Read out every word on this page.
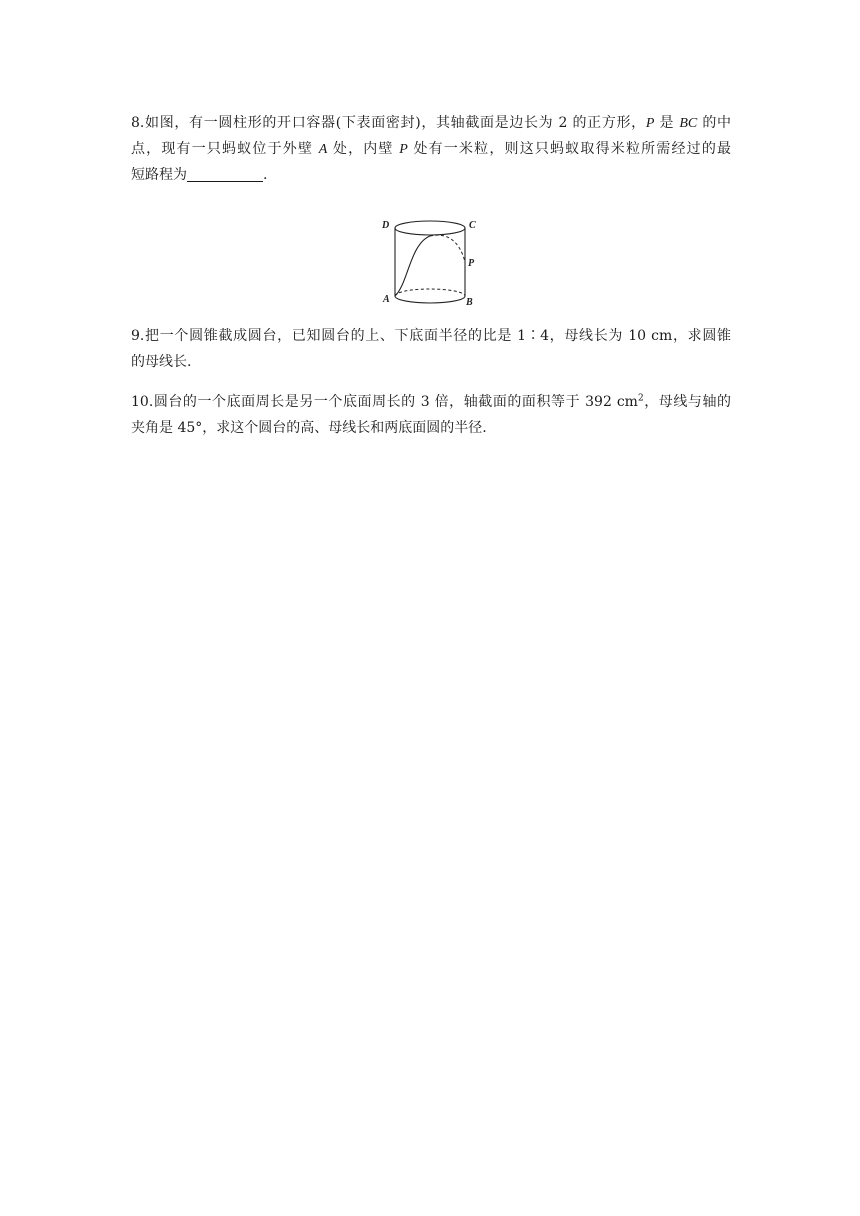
8.如图，有一圆柱形的开口容器(下表面密封)，其轴截面是边长为 2 的正方形，P 是 BC 的中
点，现有一只蚂蚁位于外壁 A 处，内壁 P 处有一米粒，则这只蚂蚁取得米粒所需经过的最
短路程为	.
D	C
P
A	B
9.把一个圆锥截成圆台，已知圆台的上、下底面半径的比是 1∶4，母线长为 10 cm，求圆锥
的母线长.
10.圆台的一个底面周长是另一个底面周长的 3 倍，轴截面的面积等于 392 $cm^2$，母线与轴的
夹角是 45°，求这个圆台的高、母线长和两底面圆的半径.
